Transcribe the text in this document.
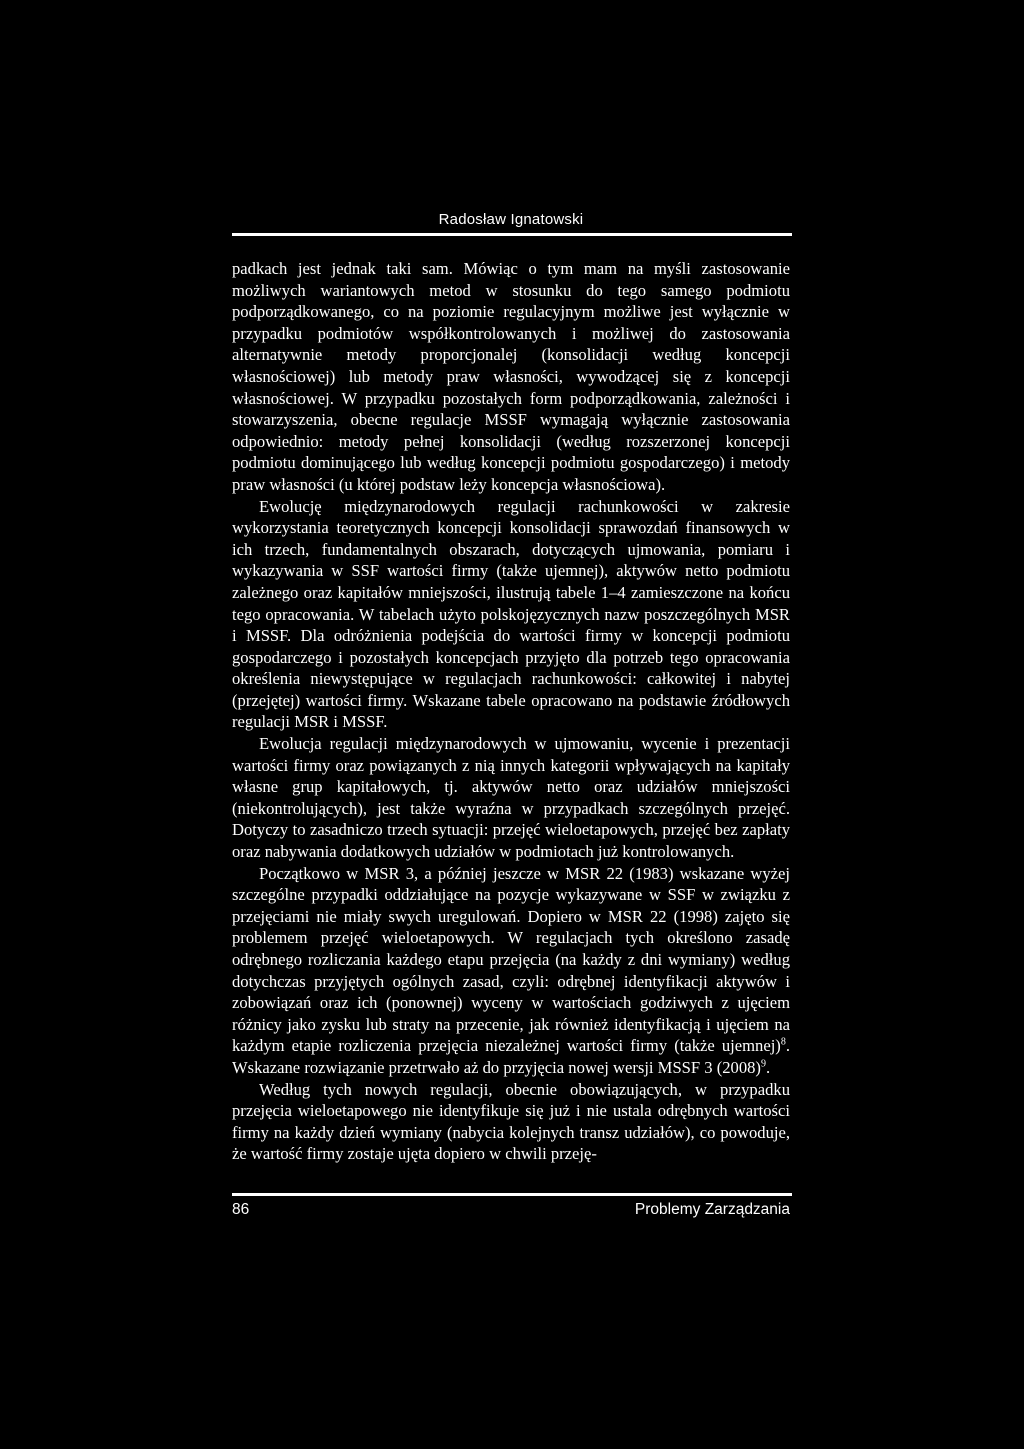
Radosław Ignatowski

padkach jest jednak taki sam. Mówiąc o tym mam na myśli zastosowanie możliwych wariantowych metod w stosunku do tego samego podmiotu podporządkowanego, co na poziomie regulacyjnym możliwe jest wyłącznie w przypadku podmiotów współkontrolowanych i możliwej do zastosowania alternatywnie metody proporcjonalej (konsolidacji według koncepcji własnościowej) lub metody praw własności, wywodzącej się z koncepcji własnościowej. W przypadku pozostałych form podporządkowania, zależności i stowarzyszenia, obecne regulacje MSSF wymagają wyłącznie zastosowania odpowiednio: metody pełnej konsolidacji (według rozszerzonej koncepcji podmiotu dominującego lub według koncepcji podmiotu gospodarczego) i metody praw własności (u której podstaw leży koncepcja własnościowa).

Ewolucję międzynarodowych regulacji rachunkowości w zakresie wykorzystania teoretycznych koncepcji konsolidacji sprawozdań finansowych w ich trzech, fundamentalnych obszarach, dotyczących ujmowania, pomiaru i wykazywania w SSF wartości firmy (także ujemnej), aktywów netto podmiotu zależnego oraz kapitałów mniejszości, ilustrują tabele 1–4 zamieszczone na końcu tego opracowania. W tabelach użyto polskojęzycznych nazw poszczególnych MSR i MSSF. Dla odróżnienia podejścia do wartości firmy w koncepcji podmiotu gospodarczego i pozostałych koncepcjach przyjęto dla potrzeb tego opracowania określenia niewystępujące w regulacjach rachunkowości: całkowitej i nabytej (przejętej) wartości firmy. Wskazane tabele opracowano na podstawie źródłowych regulacji MSR i MSSF.

Ewolucja regulacji międzynarodowych w ujmowaniu, wycenie i prezentacji wartości firmy oraz powiązanych z nią innych kategorii wpływających na kapitały własne grup kapitałowych, tj. aktywów netto oraz udziałów mniejszości (niekontrolujących), jest także wyraźna w przypadkach szczególnych przejęć. Dotyczy to zasadniczo trzech sytuacji: przejęć wieloetapowych, przejęć bez zapłaty oraz nabywania dodatkowych udziałów w podmiotach już kontrolowanych.

Początkowo w MSR 3, a później jeszcze w MSR 22 (1983) wskazane wyżej szczególne przypadki oddziałujące na pozycje wykazywane w SSF w związku z przejęciami nie miały swych uregulowań. Dopiero w MSR 22 (1998) zajęto się problemem przejęć wieloetapowych. W regulacjach tych określono zasadę odrębnego rozliczania każdego etapu przejęcia (na każdy z dni wymiany) według dotychczas przyjętych ogólnych zasad, czyli: odrębnej identyfikacji aktywów i zobowiązań oraz ich (ponownej) wyceny w wartościach godziwych z ujęciem różnicy jako zysku lub straty na przecenie, jak również identyfikacją i ujęciem na każdym etapie rozliczenia przejęcia niezależnej wartości firmy (także ujemnej)$^8$. Wskazane rozwiązanie przetrwało aż do przyjęcia nowej wersji MSSF 3 $(2008)^9$.

Według tych nowych regulacji, obecnie obowiązujących, w przypadku przejęcia wieloetapowego nie identyfikuje się już i nie ustala odrębnych wartości firmy na każdy dzień wymiany (nabycia kolejnych transz udziałów), co powoduje, że wartość firmy zostaje ujęta dopiero w chwili przeję-

86	Problemy Zarządzania
